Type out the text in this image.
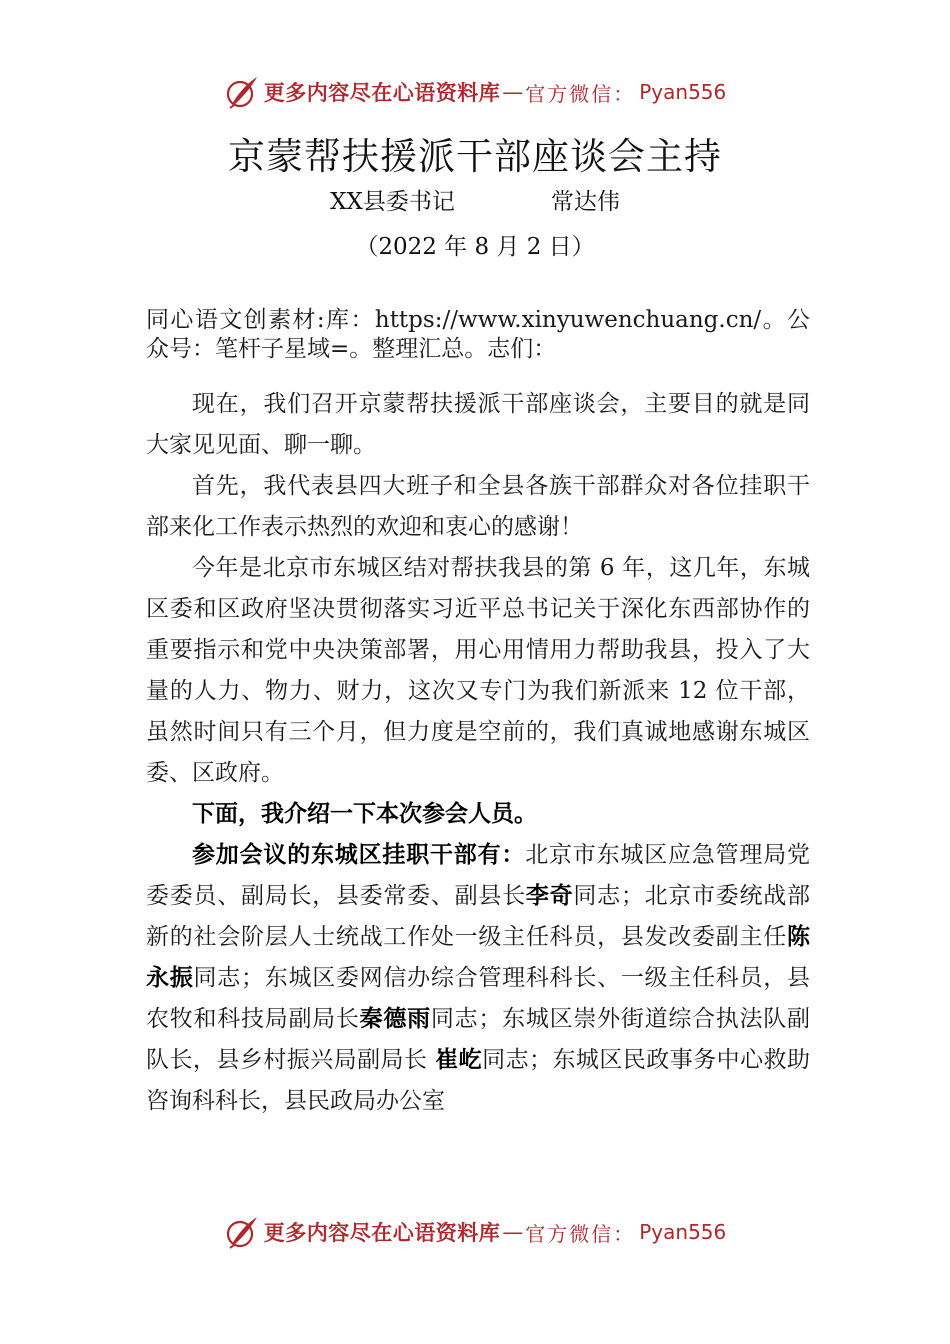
更多内容尽在心语资料库 — 官方微信： Pyan556
京蒙帮扶援派干部座谈会主持
XX县委书记	常达伟
（2022 年 8 月 2 日）

同心语文创素材:库：https://www.xinyuwenchuang.cn/。公众号：笔杆子星域=。整理汇总。志们：

现在，我们召开京蒙帮扶援派干部座谈会，主要目的就是同大家见见面、聊一聊。

首先，我代表县四大班子和全县各族干部群众对各位挂职干部来化工作表示热烈的欢迎和衷心的感谢！

今年是北京市东城区结对帮扶我县的第 6 年，这几年，东城区委和区政府坚决贯彻落实习近平总书记关于深化东西部协作的重要指示和党中央决策部署，用心用情用力帮助我县，投入了大量的人力、物力、财力，这次又专门为我们新派来 12 位干部，虽然时间只有三个月，但力度是空前的，我们真诚地感谢东城区委、区政府。

下面，我介绍一下本次参会人员。

参加会议的东城区挂职干部有：北京市东城区应急管理局党委委员、副局长，县委常委、副县长李奇同志；北京市委统战部新的社会阶层人士统战工作处一级主任科员，县发改委副主任陈永振同志；东城区委网信办综合管理科科长、一级主任科员，县农牧和科技局副局长秦德雨同志；东城区崇外街道综合执法队副队长，县乡村振兴局副局长 崔屹同志；东城区民政事务中心救助咨询科科长，县民政局办公室

更多内容尽在心语资料库 — 官方微信： Pyan556
